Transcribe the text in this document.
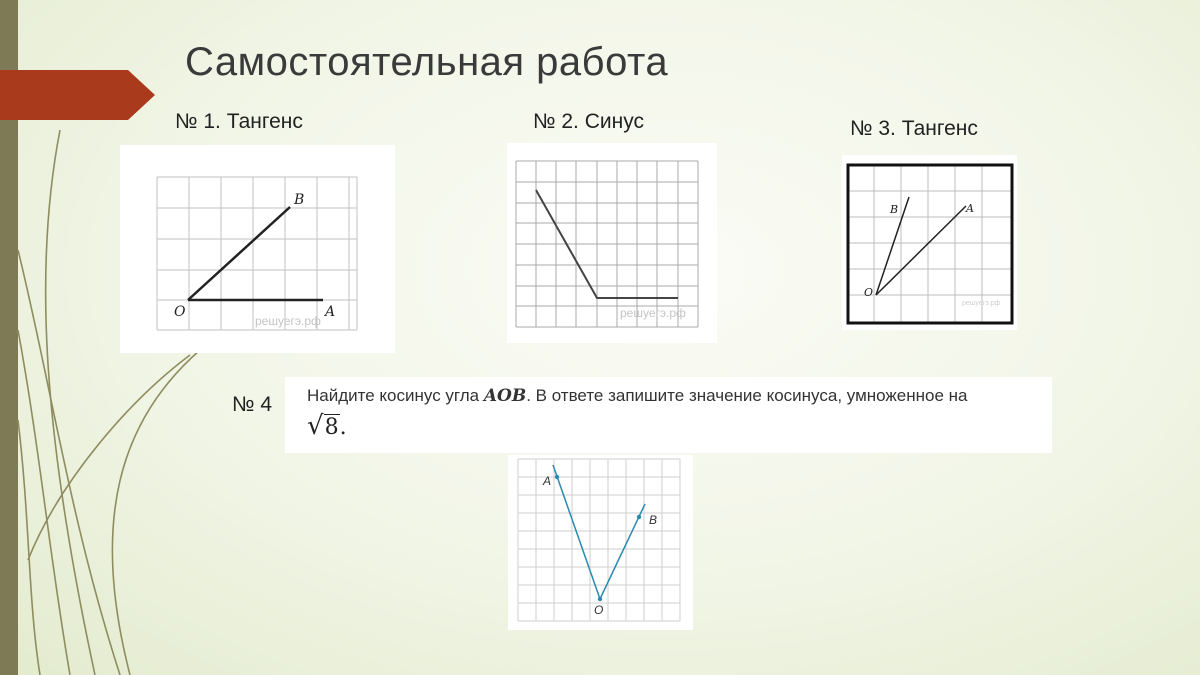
Самостоятельная работа
№ 1. Тангенс
B
O	A
решуегэ.рф
№ 2. Синус
решуегэ.рф
№ 3. Тангенс
B	A
O
решуегэ.рф
№ 4 Найдите косинус угла AOB. В ответе запишите значение косинуса, умноженное на
√8.
A
B
O
